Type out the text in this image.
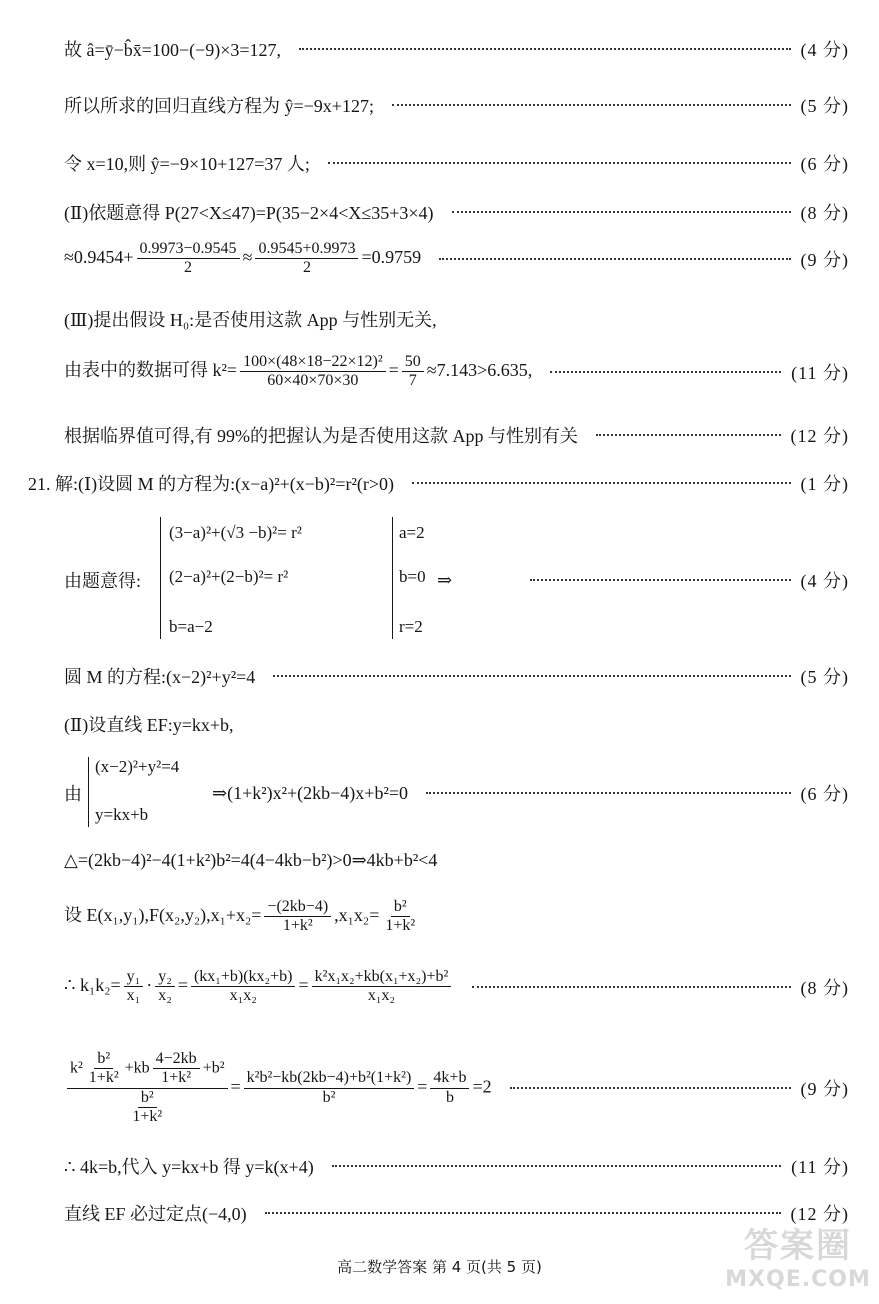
故 â=ȳ−b̂x̄=100−(−9)×3=127,	(4 分)
所以所求的回归直线方程为 ŷ=−9x+127;	(5 分)
令 x=10,则 ŷ=−9×10+127=37 人;	(6 分)
(Ⅱ)依题意得 P(27<X≤47)=P(35−2×4<X≤35+3×4)	(8 分)
$\approx 0.9454+ \frac{0.9973-0.9545}{2} \approx \frac{0.9545+0.9973}{2} =0.9759$	(9 分)
(Ⅲ)提出假设 H₀:是否使用这款 App 与性别无关,
由表中的数据可得 $k^2= \frac{\text{100×(48×18−22×12)²}}{60\times 40\times 70\times 30} = \frac{50}{7} \approx 7.143>6.635$,	(11 分)
根据临界值可得,有 99%的把握认为是否使用这款 App 与性别有关	(12 分)
21. 解:(Ⅰ)设圆 M 的方程为:(x−a)²+(x−b)²=r²(r>0)	(1 分)
由题意得:	⇒	(4 分)
(3−a)²+(√3 −b)²= r²
(2−a)²+(2−b)²= r²
b=a−2
a=2
b=0
r=2
圆 M 的方程:(x−2)²+y²=4	(5 分)
(Ⅱ)设直线 EF:y=kx+b,
由	⇒(1+k²)x²+(2kb−4)x+b²=0	(6 分)
(x−2)²+y²=4
y=kx+b
△=(2kb−4)²−4(1+k²)b²=4(4−4kb−b²)>0⇒4kb+b²<4
设 $E(x_1,y_1),F(x_2,y_2),x_1+x_2= \frac{-(2kb-4)}{\text{1+k²}} ,x_1x_2= \frac{\text{b²}}{\text{1+k²}}$
∴ $k_1k_2= \frac{\text{y₁}}{\text{x₁}} \cdot \frac{\text{y₂}}{\text{x₂}} = \frac{\text{(kx₁+b)(kx₂+b)}}{\text{x₁x₂}} = \frac{\text{k²x₁x₂+kb(x₁+x₂)+b²}}{\text{x₁x₂}}$	(8 分)
$\frac{k^2 \frac{\text{b²}}{\text{1+k²}} +kb \frac{4-2kb}{\text{1+k²}} +b^2}{\frac{\text{b²}}{\text{1+k²}}} = \frac{\text{k²b²−kb(2kb−4)+b²(1+k²)}}{\text{b²}} = \frac{4k+b}{b} =2$	(9 分)
∴ 4k=b,代入 y=kx+b 得 y=k(x+4)	(11 分)
直线 EF 必过定点(−4,0)	(12 分)
高二数学答案 第 4 页(共 5 页)
答案圈
MXQE.COM
